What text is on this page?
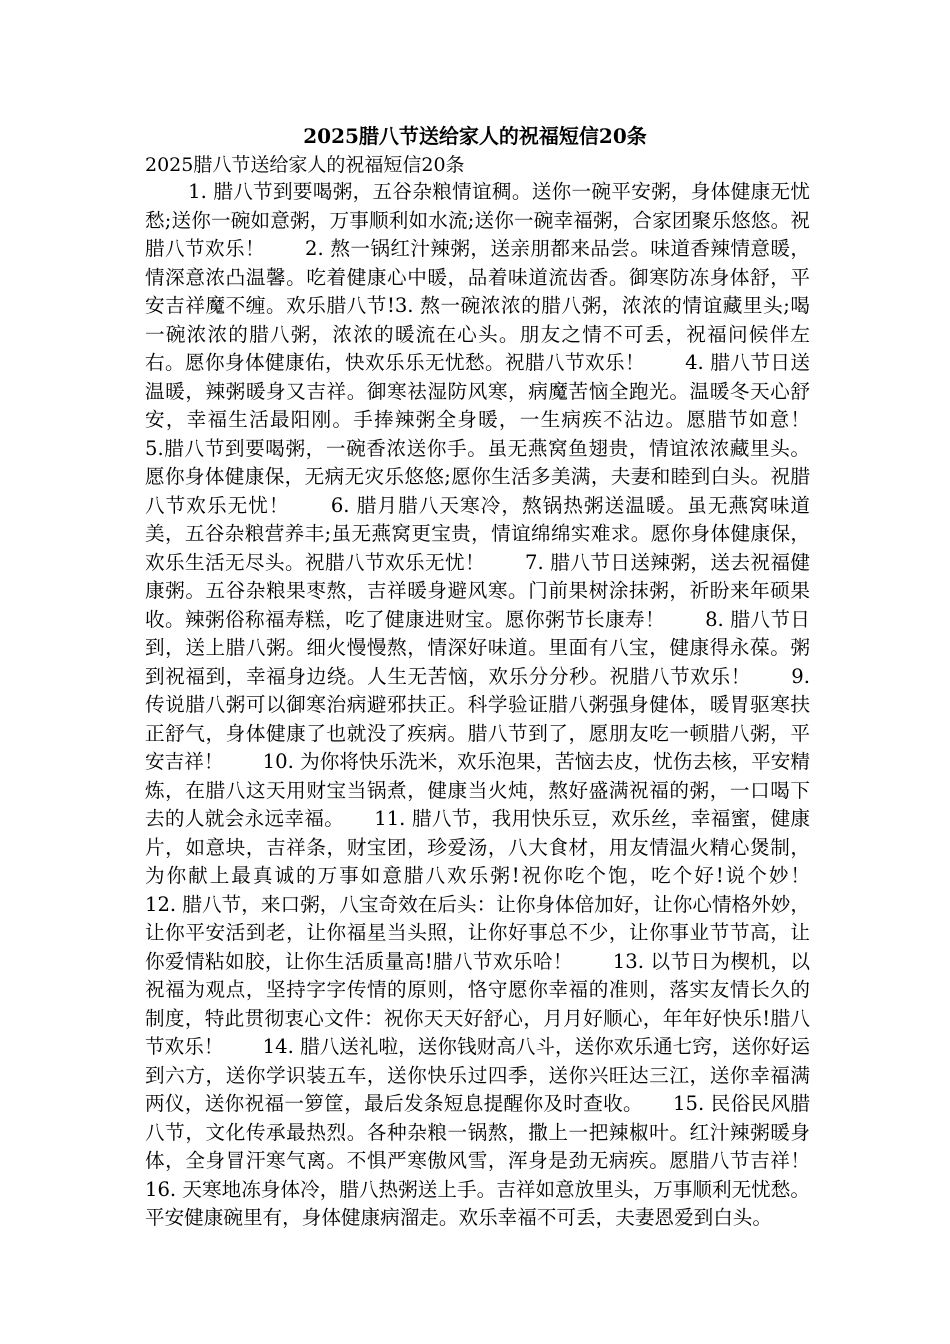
2025腊八节送给家人的祝福短信20条

2025腊八节送给家人的祝福短信20条

1. 腊八节到要喝粥，五谷杂粮情谊稠。送你一碗平安粥，身体健康无忧愁;送你一碗如意粥，万事顺利如水流;送你一碗幸福粥，合家团聚乐悠悠。祝腊八节欢乐！　　2. 熬一锅红汁辣粥，送亲朋都来品尝。味道香辣情意暖，情深意浓凸温馨。吃着健康心中暖，品着味道流齿香。御寒防冻身体舒，平安吉祥魔不缠。欢乐腊八节!3. 熬一碗浓浓的腊八粥，浓浓的情谊藏里头;喝一碗浓浓的腊八粥，浓浓的暖流在心头。朋友之情不可丢，祝福问候伴左右。愿你身体健康佑，快欢乐乐无忧愁。祝腊八节欢乐！　　4. 腊八节日送温暖，辣粥暖身又吉祥。御寒祛湿防风寒，病魔苦恼全跑光。温暖冬天心舒安，幸福生活最阳刚。手捧辣粥全身暖，一生病疾不沾边。愿腊节如意！　　5.腊八节到要喝粥，一碗香浓送你手。虽无燕窝鱼翅贵，情谊浓浓藏里头。愿你身体健康保，无病无灾乐悠悠;愿你生活多美满，夫妻和睦到白头。祝腊八节欢乐无忧！　　6. 腊月腊八天寒冷，熬锅热粥送温暖。虽无燕窝味道美，五谷杂粮营养丰;虽无燕窝更宝贵，情谊绵绵实难求。愿你身体健康保，欢乐生活无尽头。祝腊八节欢乐无忧！　　7. 腊八节日送辣粥，送去祝福健康粥。五谷杂粮果枣熬，吉祥暖身避风寒。门前果树涂抹粥，祈盼来年硕果收。辣粥俗称福寿糕，吃了健康进财宝。愿你粥节长康寿！　　8. 腊八节日到，送上腊八粥。细火慢慢熬，情深好味道。里面有八宝，健康得永葆。粥到祝福到，幸福身边绕。人生无苦恼，欢乐分分秒。祝腊八节欢乐！　　9. 传说腊八粥可以御寒治病避邪扶正。科学验证腊八粥强身健体，暖胃驱寒扶正舒气，身体健康了也就没了疾病。腊八节到了，愿朋友吃一顿腊八粥，平安吉祥！　　10. 为你将快乐洗米，欢乐泡果，苦恼去皮，忧伤去核，平安精炼，在腊八这天用财宝当锅煮，健康当火炖，熬好盛满祝福的粥，一口喝下去的人就会永远幸福。　　11. 腊八节，我用快乐豆，欢乐丝，幸福蜜，健康片，如意块，吉祥条，财宝团，珍爱汤，八大食材，用友情温火精心煲制，为你献上最真诚的万事如意腊八欢乐粥!祝你吃个饱，吃个好!说个妙！　　12. 腊八节，来口粥，八宝奇效在后头：让你身体倍加好，让你心情格外妙，让你平安活到老，让你福星当头照，让你好事总不少，让你事业节节高，让你爱情粘如胶，让你生活质量高!腊八节欢乐哈！　　13. 以节日为楔机，以祝福为观点，坚持字字传情的原则，恪守愿你幸福的准则，落实友情长久的制度，特此贯彻衷心文件：祝你天天好舒心，月月好顺心，年年好快乐!腊八节欢乐！　　14. 腊八送礼啦，送你钱财高八斗，送你欢乐通七窍，送你好运到六方，送你学识装五车，送你快乐过四季，送你兴旺达三江，送你幸福满两仪，送你祝福一箩筐，最后发条短息提醒你及时查收。　　15. 民俗民风腊八节，文化传承最热烈。各种杂粮一锅熬，撒上一把辣椒叶。红汁辣粥暖身体，全身冒汗寒气离。不惧严寒傲风雪，浑身是劲无病疾。愿腊八节吉祥！　　16. 天寒地冻身体冷，腊八热粥送上手。吉祥如意放里头，万事顺利无忧愁。平安健康碗里有，身体健康病溜走。欢乐幸福不可丢，夫妻恩爱到白头。
